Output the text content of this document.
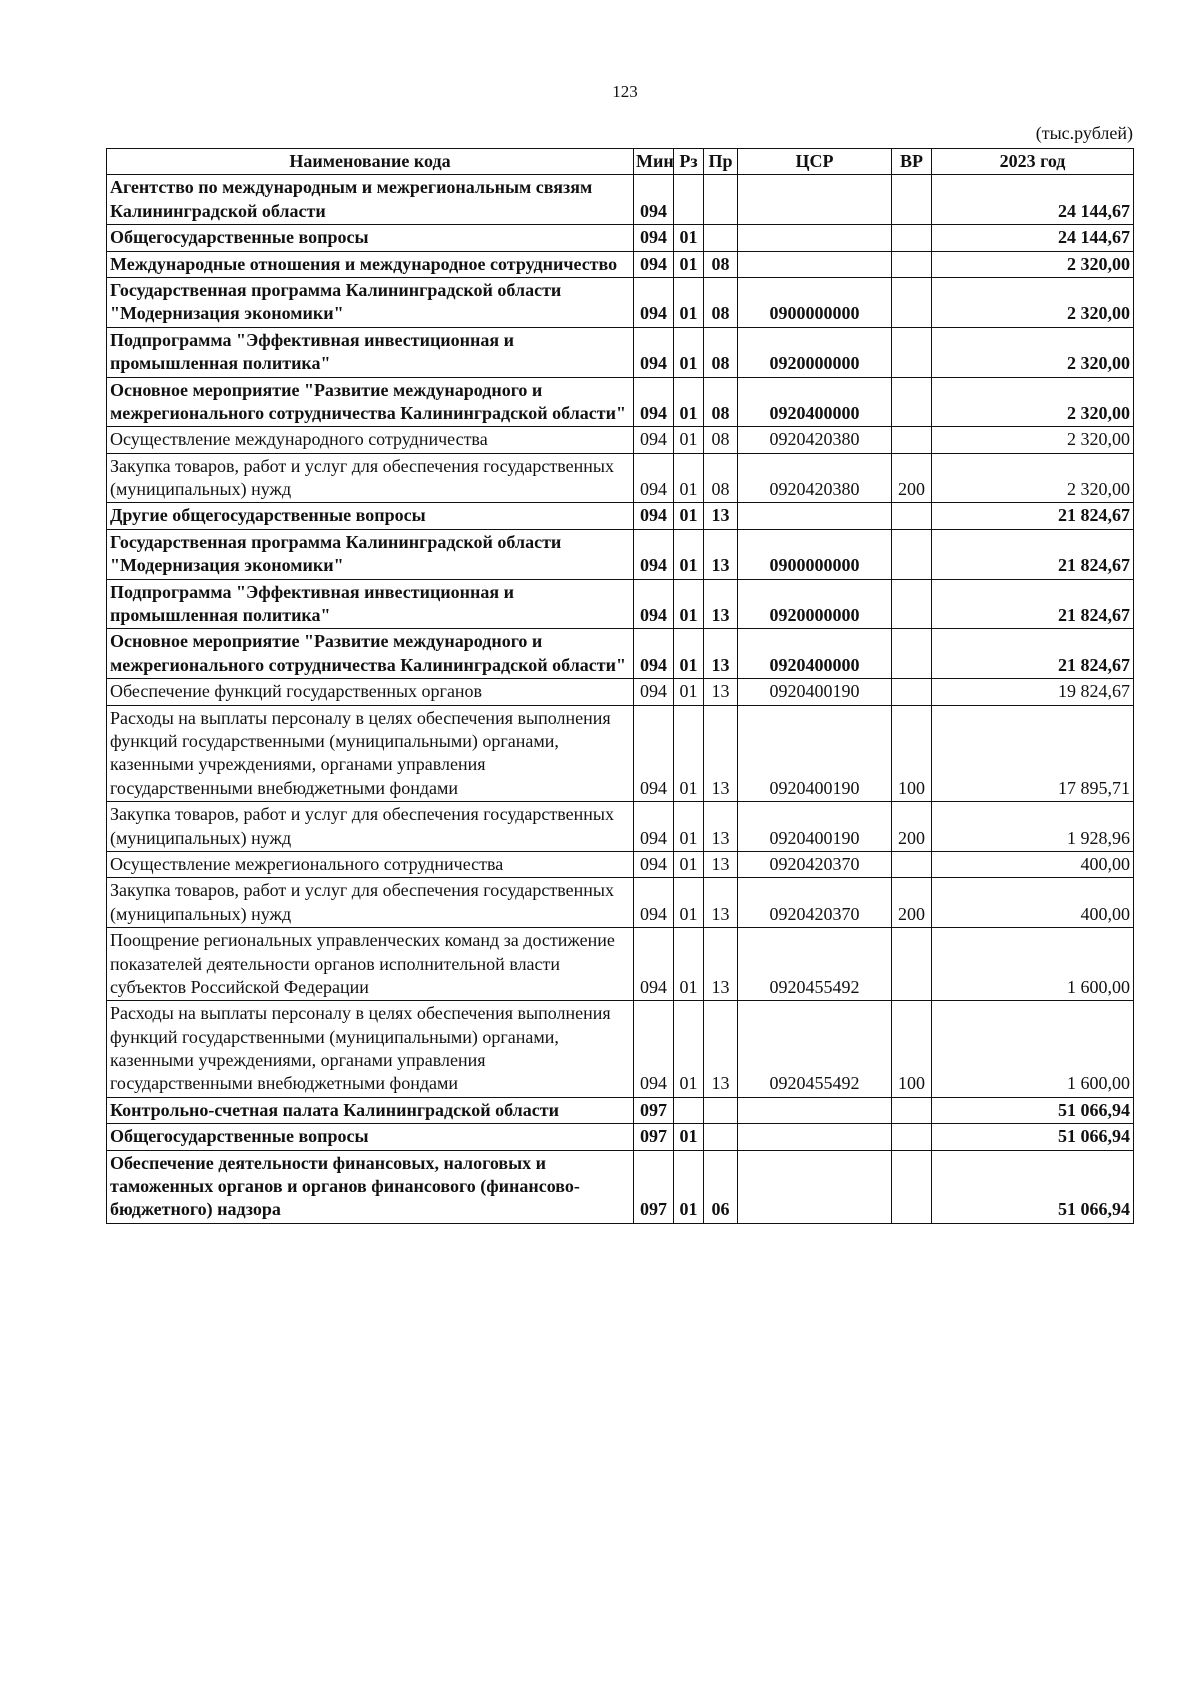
123
(тыс.рублей)
Наименование кода	Мин	Рз	Пр	ЦСР	ВР	2023 год
Агентство по международным и межрегиональным связям Калининградской области	094					24 144,67
Общегосударственные вопросы	094	01				24 144,67
Международные отношения и международное сотрудничество	094	01	08			2 320,00
Государственная программа Калининградской области "Модернизация экономики"	094	01	08	0900000000		2 320,00
Подпрограмма "Эффективная инвестиционная и промышленная политика"	094	01	08	0920000000		2 320,00
Основное мероприятие "Развитие международного и межрегионального сотрудничества Калининградской области"	094	01	08	0920400000		2 320,00
Осуществление международного сотрудничества	094	01	08	0920420380		2 320,00
Закупка товаров, работ и услуг для обеспечения государственных (муниципальных) нужд	094	01	08	0920420380	200	2 320,00
Другие общегосударственные вопросы	094	01	13			21 824,67
Государственная программа Калининградской области "Модернизация экономики"	094	01	13	0900000000		21 824,67
Подпрограмма "Эффективная инвестиционная и промышленная политика"	094	01	13	0920000000		21 824,67
Основное мероприятие "Развитие международного и межрегионального сотрудничества Калининградской области"	094	01	13	0920400000		21 824,67
Обеспечение функций государственных органов	094	01	13	0920400190		19 824,67
Расходы на выплаты персоналу в целях обеспечения выполнения функций государственными (муниципальными) органами, казенными учреждениями, органами управления государственными внебюджетными фондами	094	01	13	0920400190	100	17 895,71
Закупка товаров, работ и услуг для обеспечения государственных (муниципальных) нужд	094	01	13	0920400190	200	1 928,96
Осуществление межрегионального сотрудничества	094	01	13	0920420370		400,00
Закупка товаров, работ и услуг для обеспечения государственных (муниципальных) нужд	094	01	13	0920420370	200	400,00
Поощрение региональных управленческих команд за достижение показателей деятельности органов исполнительной власти субъектов Российской Федерации	094	01	13	0920455492		1 600,00
Расходы на выплаты персоналу в целях обеспечения выполнения функций государственными (муниципальными) органами, казенными учреждениями, органами управления государственными внебюджетными фондами	094	01	13	0920455492	100	1 600,00
Контрольно-счетная палата Калининградской области	097					51 066,94
Общегосударственные вопросы	097	01				51 066,94
Обеспечение деятельности финансовых, налоговых и таможенных органов и органов финансового (финансово-бюджетного) надзора	097	01	06			51 066,94
